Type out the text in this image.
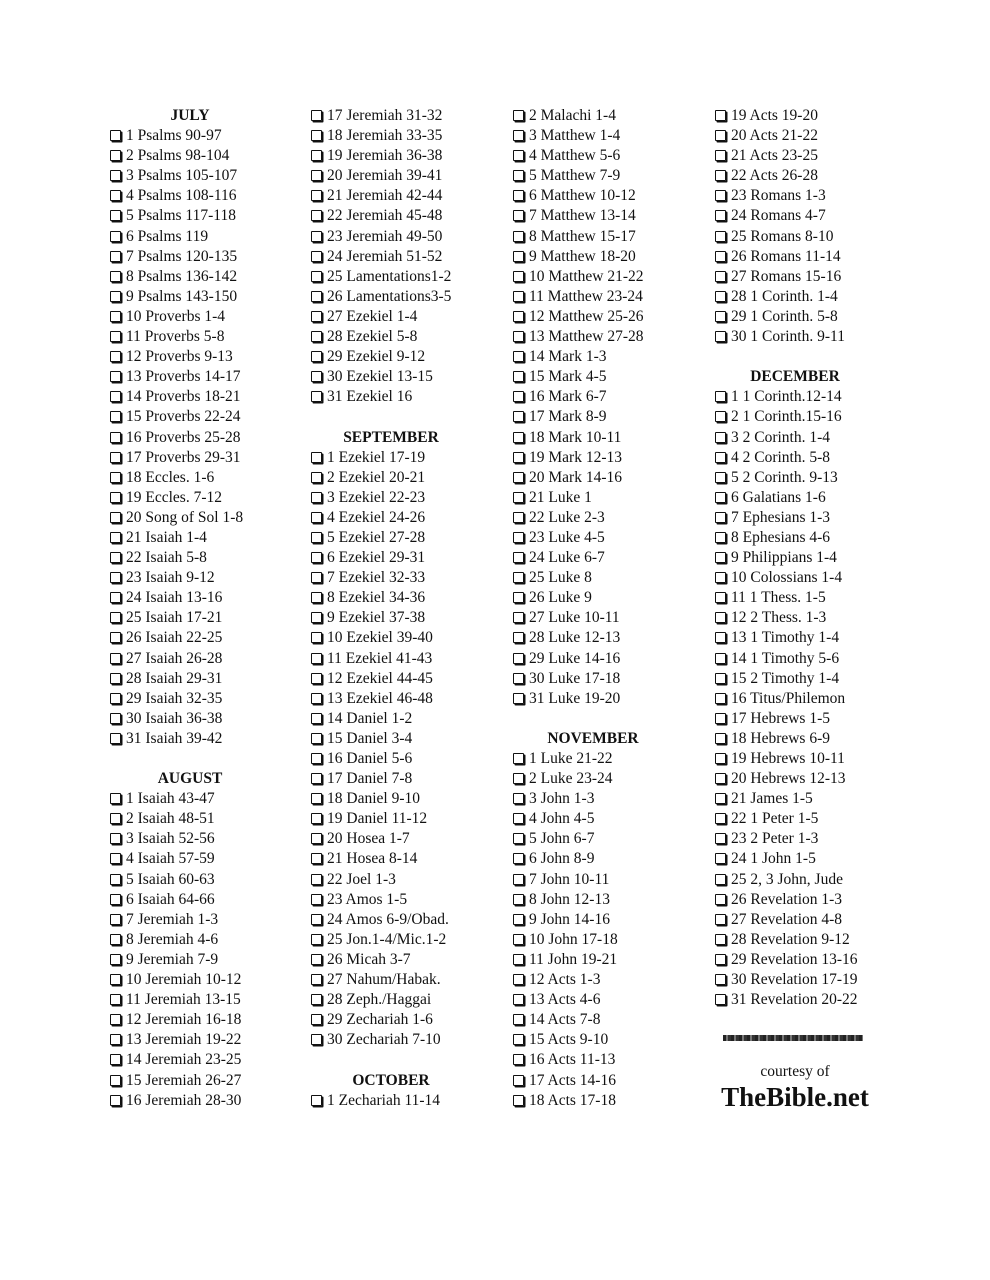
JULY
1 Psalms 90-97
2 Psalms 98-104
3 Psalms 105-107
4 Psalms 108-116
5 Psalms 117-118
6 Psalms 119
7 Psalms 120-135
8 Psalms 136-142
9 Psalms 143-150
10 Proverbs 1-4
11 Proverbs 5-8
12 Proverbs 9-13
13 Proverbs 14-17
14 Proverbs 18-21
15 Proverbs 22-24
16 Proverbs 25-28
17 Proverbs 29-31
18 Eccles. 1-6
19 Eccles. 7-12
20 Song of Sol 1-8
21 Isaiah 1-4
22 Isaiah 5-8
23 Isaiah 9-12
24 Isaiah 13-16
25 Isaiah 17-21
26 Isaiah 22-25
27 Isaiah 26-28
28 Isaiah 29-31
29 Isaiah 32-35
30 Isaiah 36-38
31 Isaiah 39-42
AUGUST
1 Isaiah 43-47
2 Isaiah 48-51
3 Isaiah 52-56
4 Isaiah 57-59
5 Isaiah 60-63
6 Isaiah 64-66
7 Jeremiah 1-3
8 Jeremiah 4-6
9 Jeremiah 7-9
10 Jeremiah 10-12
11 Jeremiah 13-15
12 Jeremiah 16-18
13 Jeremiah 19-22
14 Jeremiah 23-25
15 Jeremiah 26-27
16 Jeremiah 28-30
17 Jeremiah 31-32
18 Jeremiah 33-35
19 Jeremiah 36-38
20 Jeremiah 39-41
21 Jeremiah 42-44
22 Jeremiah 45-48
23 Jeremiah 49-50
24 Jeremiah 51-52
25 Lamentations1-2
26 Lamentations3-5
27 Ezekiel 1-4
28 Ezekiel 5-8
29 Ezekiel 9-12
30 Ezekiel 13-15
31 Ezekiel 16
SEPTEMBER
1 Ezekiel 17-19
2 Ezekiel 20-21
3 Ezekiel 22-23
4 Ezekiel 24-26
5 Ezekiel 27-28
6 Ezekiel 29-31
7 Ezekiel 32-33
8 Ezekiel 34-36
9 Ezekiel 37-38
10 Ezekiel 39-40
11 Ezekiel 41-43
12 Ezekiel 44-45
13 Ezekiel 46-48
14 Daniel 1-2
15 Daniel 3-4
16 Daniel 5-6
17 Daniel 7-8
18 Daniel 9-10
19 Daniel 11-12
20 Hosea 1-7
21 Hosea 8-14
22 Joel 1-3
23 Amos 1-5
24 Amos 6-9/Obad.
25 Jon.1-4/Mic.1-2
26 Micah 3-7
27 Nahum/Habak.
28 Zeph./Haggai
29 Zechariah 1-6
30 Zechariah 7-10
OCTOBER
1 Zechariah 11-14
2 Malachi 1-4
3 Matthew 1-4
4 Matthew 5-6
5 Matthew 7-9
6 Matthew 10-12
7 Matthew 13-14
8 Matthew 15-17
9 Matthew 18-20
10 Matthew 21-22
11 Matthew 23-24
12 Matthew 25-26
13 Matthew 27-28
14 Mark 1-3
15 Mark 4-5
16 Mark 6-7
17 Mark 8-9
18 Mark 10-11
19 Mark 12-13
20 Mark 14-16
21 Luke 1
22 Luke 2-3
23 Luke 4-5
24 Luke 6-7
25 Luke 8
26 Luke 9
27 Luke 10-11
28 Luke 12-13
29 Luke 14-16
30 Luke 17-18
31 Luke 19-20
NOVEMBER
1 Luke 21-22
2 Luke 23-24
3 John 1-3
4 John 4-5
5 John 6-7
6 John 8-9
7 John 10-11
8 John 12-13
9 John 14-16
10 John 17-18
11 John 19-21
12 Acts 1-3
13 Acts 4-6
14 Acts 7-8
15 Acts 9-10
16 Acts 11-13
17 Acts 14-16
18 Acts 17-18
19 Acts 19-20
20 Acts 21-22
21 Acts 23-25
22 Acts 26-28
23 Romans 1-3
24 Romans 4-7
25 Romans 8-10
26 Romans 11-14
27 Romans 15-16
28 1 Corinth. 1-4
29 1 Corinth. 5-8
30 1 Corinth. 9-11
DECEMBER
1 1 Corinth.12-14
2 1 Corinth.15-16
3 2 Corinth. 1-4
4 2 Corinth. 5-8
5 2 Corinth. 9-13
6 Galatians 1-6
7 Ephesians 1-3
8 Ephesians 4-6
9 Philippians 1-4
10 Colossians 1-4
11 1 Thess. 1-5
12 2 Thess. 1-3
13 1 Timothy 1-4
14 1 Timothy 5-6
15 2 Timothy 1-4
16 Titus/Philemon
17 Hebrews 1-5
18 Hebrews 6-9
19 Hebrews 10-11
20 Hebrews 12-13
21 James 1-5
22 1 Peter 1-5
23 2 Peter 1-3
24 1 John 1-5
25 2, 3 John, Jude
26 Revelation 1-3
27 Revelation 4-8
28 Revelation 9-12
29 Revelation 13-16
30 Revelation 17-19
31 Revelation 20-22
courtesy of
TheBible.net
